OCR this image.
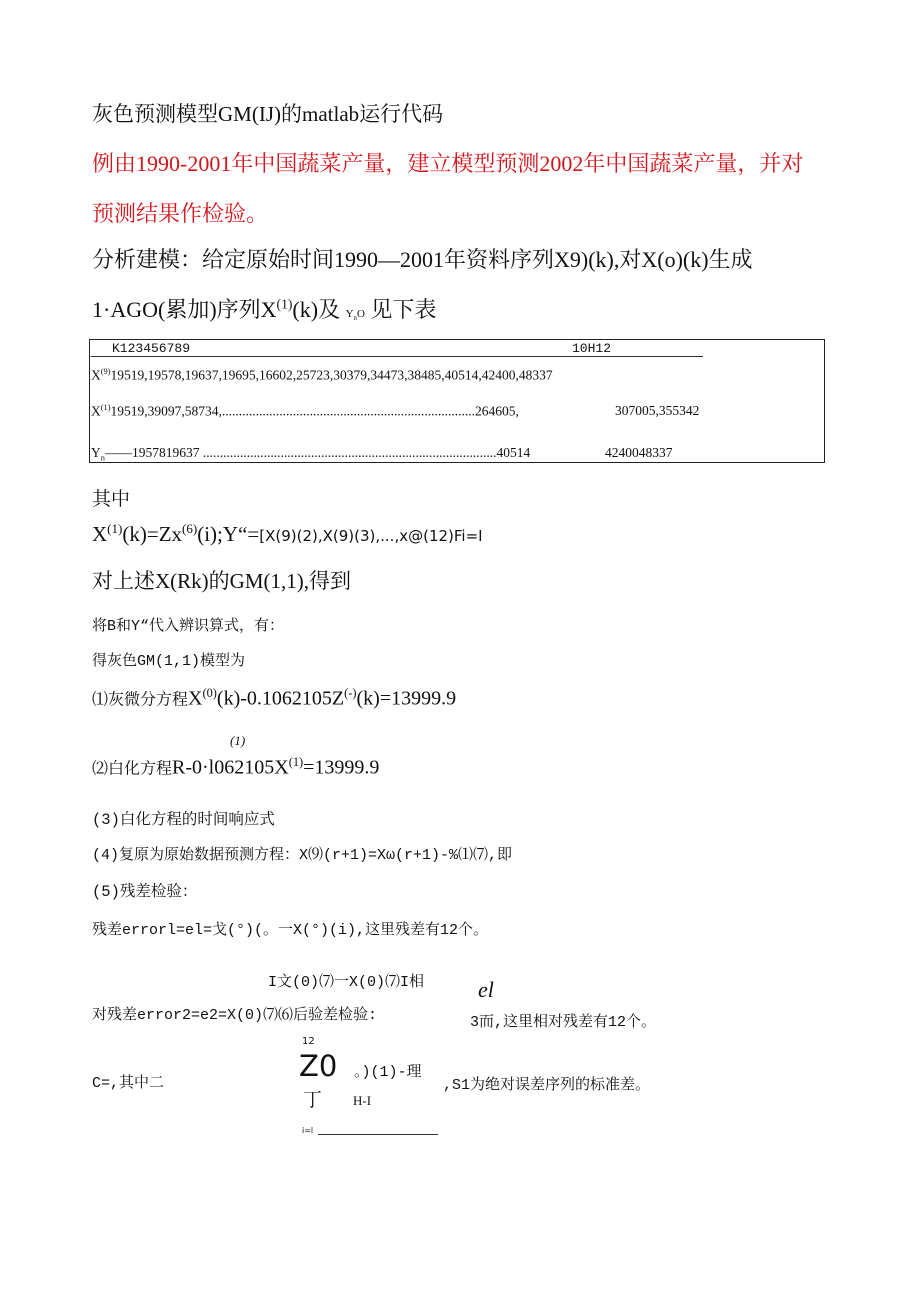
灰色预测模型GM(IJ)的matlab运行代码
例由1990-2001年中国蔬菜产量，建立模型预测2002年中国蔬菜产量，并对
预测结果作检验。
分析建模：给定原始时间1990—2001年资料序列X9)(k),对X(o)(k)生成
1·AGO(累加)序列$X^{(1)}(k)$及 $Y_nO$ 见下表
K123456789	10H12
$X^{(9)}19519,19578,19637,19695,16602,25723,30379,34473,38485,40514,42400,48337$
$X^{(1)}19519,39097,58734,...........................................................................264605$,	307005,355342
$Y_n——1957819637$ .......................................................................................40514	4240048337
其中
$X^{(1)}(k)=Zx^{(6)}(i);Y“=[X(9)(2),X(9)(3),...,x@(12)Fi=I$
对上述X(Rk)的GM(1,1),得到
将B和Y“代入辨识算式，有：
得灰色GM(1,1)模型为
⑴灰微分方程$X^{(0)}(k)-0.1062105Z^{(-)}(k)=13999.9$
(1)
⑵白化方程$R-0\cdot l062105X^{(1)}=13999.9$
(3)白化方程的时间响应式
(4)复原为原始数据预测方程：X⑼(r+1)=Xω(r+1)-%⑴⑺,即
(5)残差检验：
残差errorl=el=戈(°)(。一X(°)(i),这里残差有12个。
I文(0)⑺一X(0)⑺I相 el
对残差error2=e2=X(0)⑺⑹后验差检验:	3而,这里相对残差有12个。
12
C=,其中二
Z0 。)(1)-理
丁 H-I
,S1为绝对误差序列的标准差。
i=l
